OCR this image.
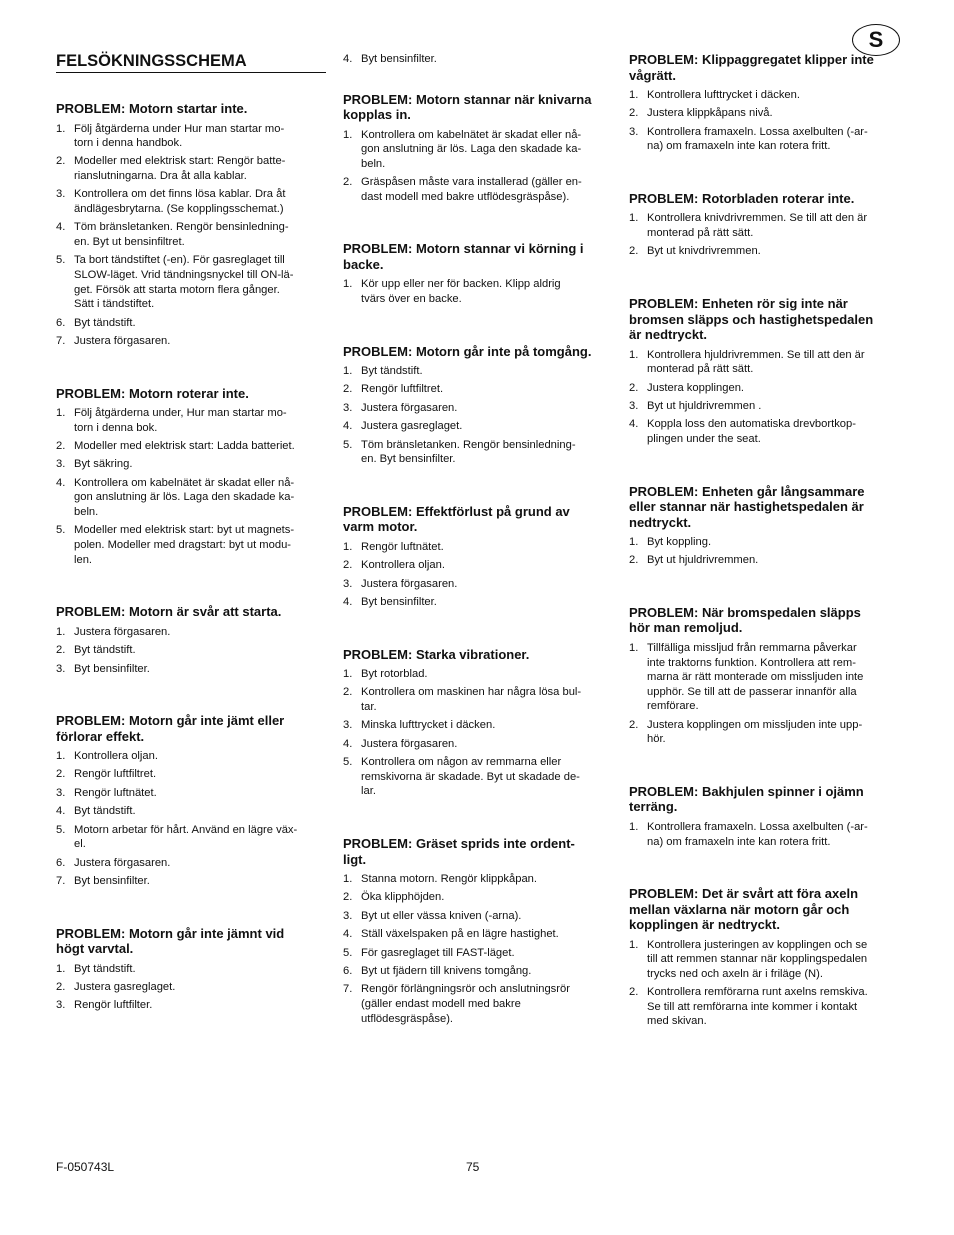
S
FELSÖKNINGSSCHEMA
PROBLEM: Motorn startar inte.
1. Följ åtgärderna under Hur man startar mo-
torn i denna handbok.
2. Modeller med elektrisk start: Rengör batte-
rianslutningarna. Dra åt alla kablar.
3. Kontrollera om det finns lösa kablar. Dra åt
ändlägesbrytarna. (Se kopplingsschemat.)
4. Töm bränsletanken. Rengör bensinledning-
en. Byt ut bensinfiltret.
5. Ta bort tändstiftet (-en). För gasreglaget till
SLOW-läget. Vrid tändningsnyckel till ON-lä-
get. Försök att starta motorn flera gånger.
Sätt i tändstiftet.
6. Byt tändstift.
7. Justera förgasaren.
PROBLEM: Motorn roterar inte.
1. Följ åtgärderna under, Hur man startar mo-
torn i denna bok.
2. Modeller med elektrisk start: Ladda batteriet.
3. Byt säkring.
4. Kontrollera om kabelnätet är skadat eller nå-
gon anslutning är lös. Laga den skadade ka-
beln.
5. Modeller med elektrisk start: byt ut magnets-
polen. Modeller med dragstart: byt ut modu-
len.
PROBLEM: Motorn är svår att starta.
1. Justera förgasaren.
2. Byt tändstift.
3. Byt bensinfilter.
PROBLEM: Motorn går inte jämt eller
förlorar effekt.
1. Kontrollera oljan.
2. Rengör luftfiltret.
3. Rengör luftnätet.
4. Byt tändstift.
5. Motorn arbetar för hårt. Använd en lägre väx-
el.
6. Justera förgasaren.
7. Byt bensinfilter.
PROBLEM: Motorn går inte jämnt vid
högt varvtal.
1. Byt tändstift.
2. Justera gasreglaget.
3. Rengör luftfilter.
4. Byt bensinfilter.
PROBLEM: Motorn stannar när knivarna
kopplas in.
1. Kontrollera om kabelnätet är skadat eller nå-
gon anslutning är lös. Laga den skadade ka-
beln.
2. Gräspåsen måste vara installerad (gäller en-
dast modell med bakre utflödesgräspåse).
PROBLEM: Motorn stannar vi körning i
backe.
1. Kör upp eller ner för backen. Klipp aldrig
tvärs över en backe.
PROBLEM: Motorn går inte på tomgång.
1. Byt tändstift.
2. Rengör luftfiltret.
3. Justera förgasaren.
4. Justera gasreglaget.
5. Töm bränsletanken. Rengör bensinledning-
en. Byt bensinfilter.
PROBLEM: Effektförlust på grund av
varm motor.
1. Rengör luftnätet.
2. Kontrollera oljan.
3. Justera förgasaren.
4. Byt bensinfilter.
PROBLEM: Starka vibrationer.
1. Byt rotorblad.
2. Kontrollera om maskinen har några lösa bul-
tar.
3. Minska lufttrycket i däcken.
4. Justera förgasaren.
5. Kontrollera om någon av remmarna eller
remskivorna är skadade. Byt ut skadade de-
lar.
PROBLEM: Gräset sprids inte ordent-
ligt.
1. Stanna motorn. Rengör klippkåpan.
2. Öka klipphöjden.
3. Byt ut eller vässa kniven (-arna).
4. Ställ växelspaken på en lägre hastighet.
5. För gasreglaget till FAST-läget.
6. Byt ut fjädern till knivens tomgång.
7. Rengör förlängningsrör och anslutningsrör
(gäller endast modell med bakre
utflödesgräspåse).
PROBLEM: Klippaggregatet klipper inte
vågrätt.
1. Kontrollera lufttrycket i däcken.
2. Justera klippkåpans nivå.
3. Kontrollera framaxeln. Lossa axelbulten (-ar-
na) om framaxeln inte kan rotera fritt.
PROBLEM: Rotorbladen roterar inte.
1. Kontrollera knivdrivremmen. Se till att den är
monterad på rätt sätt.
2. Byt ut knivdrivremmen.
PROBLEM: Enheten rör sig inte när
bromsen släpps och hastighetspedalen
är nedtryckt.
1. Kontrollera hjuldrivremmen. Se till att den är
monterad på rätt sätt.
2. Justera kopplingen.
3. Byt ut hjuldrivremmen .
4. Koppla loss den automatiska drevbortkop-
plingen under the seat.
PROBLEM: Enheten går långsammare
eller stannar när hastighetspedalen är
nedtryckt.
1. Byt koppling.
2. Byt ut hjuldrivremmen.
PROBLEM: När bromspedalen släpps
hör man remoljud.
1. Tillfälliga missljud från remmarna påverkar
inte traktorns funktion. Kontrollera att rem-
marna är rätt monterade om missljuden inte
upphör. Se till att de passerar innanför alla
remförare.
2. Justera kopplingen om missljuden inte upp-
hör.
PROBLEM: Bakhjulen spinner i ojämn
terräng.
1. Kontrollera framaxeln. Lossa axelbulten (-ar-
na) om framaxeln inte kan rotera fritt.
PROBLEM: Det är svårt att föra axeln
mellan växlarna när motorn går och
kopplingen är nedtryckt.
1. Kontrollera justeringen av kopplingen och se
till att remmen stannar när kopplingspedalen
trycks ned och axeln är i friläge (N).
2. Kontrollera remförarna runt axelns remskiva.
Se till att remförarna inte kommer i kontakt
med skivan.
F-050743L	75
